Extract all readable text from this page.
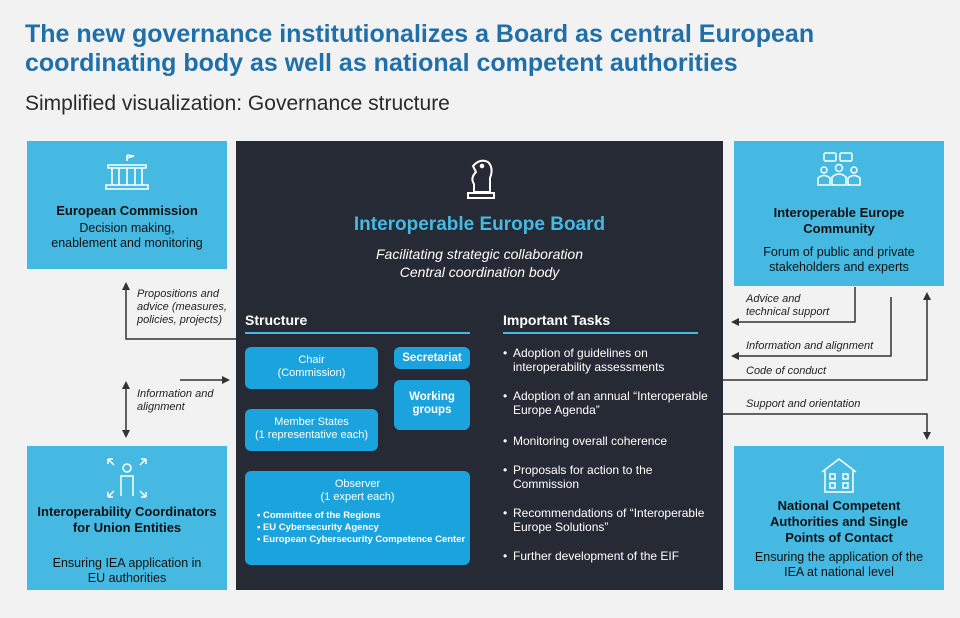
The new governance institutionalizes a Board as central European coordinating body as well as national competent authorities
Simplified visualization: Governance structure
European Commission
Decision making, enablement and monitoring
Interoperable Europe Community
Forum of public and private stakeholders and experts
Interoperability Coordinators for Union Entities
Ensuring IEA application in EU authorities
National Competent Authorities and Single Points of Contact
Ensuring the application of the IEA at national level
Interoperable Europe Board
Facilitating strategic collaboration
Central coordination body
Structure	Important Tasks
Chair
(Commission)
Secretariat
Working groups
Member States
(1 representative each)
Observer
(1 expert each)
• Committee of the Regions
• EU Cybersecurity Agency
• European Cybersecurity Competence Center
• Adoption of guidelines on interoperability assessments
• Adoption of an annual “Interoperable Europe Agenda”
• Monitoring overall coherence
• Proposals for action to the Commission
• Recommendations of “Interoperable Europe Solutions”
• Further development of the EIF
Propositions and advice (measures, policies, projects)
Information and alignment
Advice and technical support
Information and alignment
Code of conduct
Support and orientation
